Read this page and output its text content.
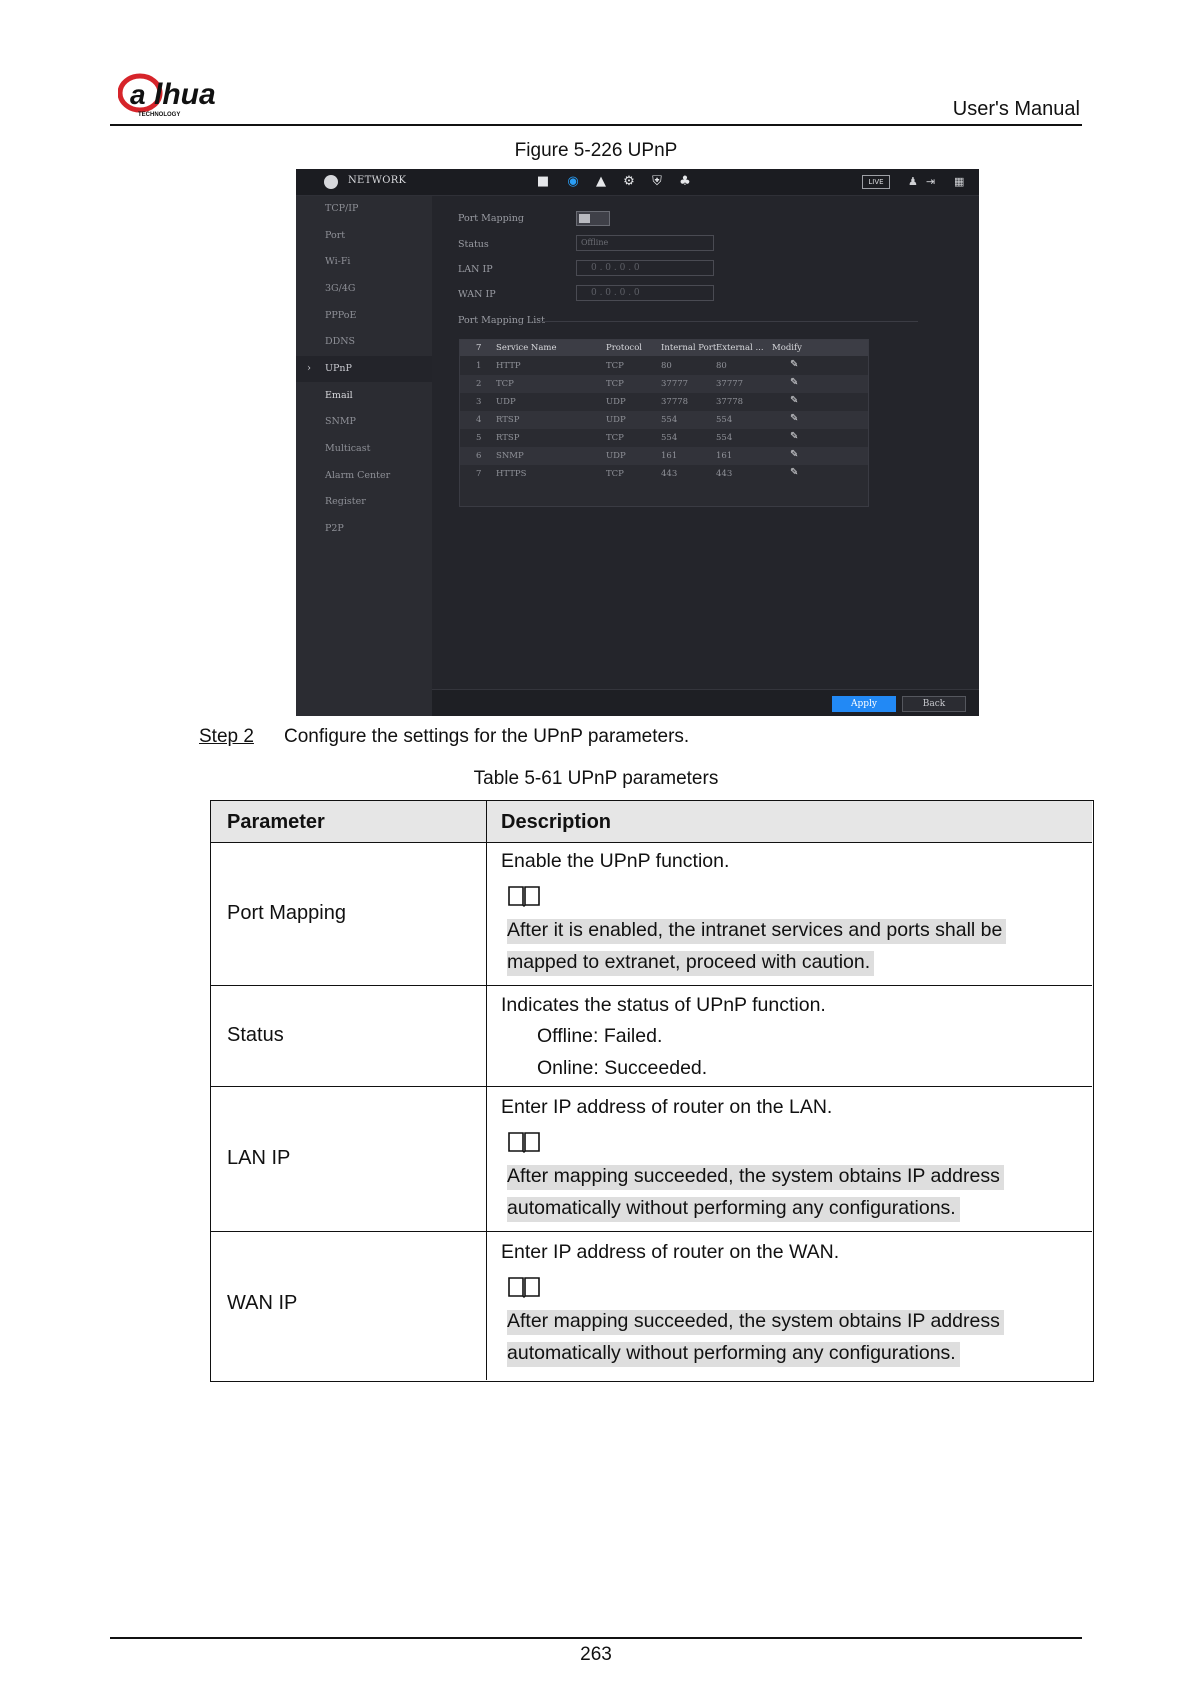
a lhua
TECHNOLOGY	User's Manual
Figure 5-226 UPnP
NETWORK	■ ◉	▲	⚙	⛨	♣	LIVE	♟ ⇥ ▦
TCP/IP
Port
Wi-Fi
3G/4G
PPPoE
DDNS
UPnP
›
Email
SNMP
Multicast
Alarm Center
Register
P2P
Port Mapping
Status	Offline
LAN IP	0 . 0 . 0 . 0
WAN IP	0 . 0 . 0 . 0
Port Mapping List
7 Service Name	Protocol Internal Port External ... Modify
1 HTTP	TCP	80	80	✎
2 TCP	TCP	37777	37777	✎
3 UDP	UDP	37778	37778	✎
4 RTSP	UDP	554	554	✎
5 RTSP	TCP	554	554	✎
6 SNMP	UDP	161	161	✎
7 HTTPS	TCP	443	443	✎
Apply	Back
Step 2 Configure the settings for the UPnP parameters.
Table 5-61 UPnP parameters
Parameter	Description
Port Mapping
Enable the UPnP function.
After it is enabled, the intranet services and ports shall be
mapped to extranet, proceed with caution.
Status
Indicates the status of UPnP function.
Offline: Failed.
Online: Succeeded.
LAN IP
Enter IP address of router on the LAN.
After mapping succeeded, the system obtains IP address
automatically without performing any configurations.
WAN IP
Enter IP address of router on the WAN.
After mapping succeeded, the system obtains IP address
automatically without performing any configurations.
263
